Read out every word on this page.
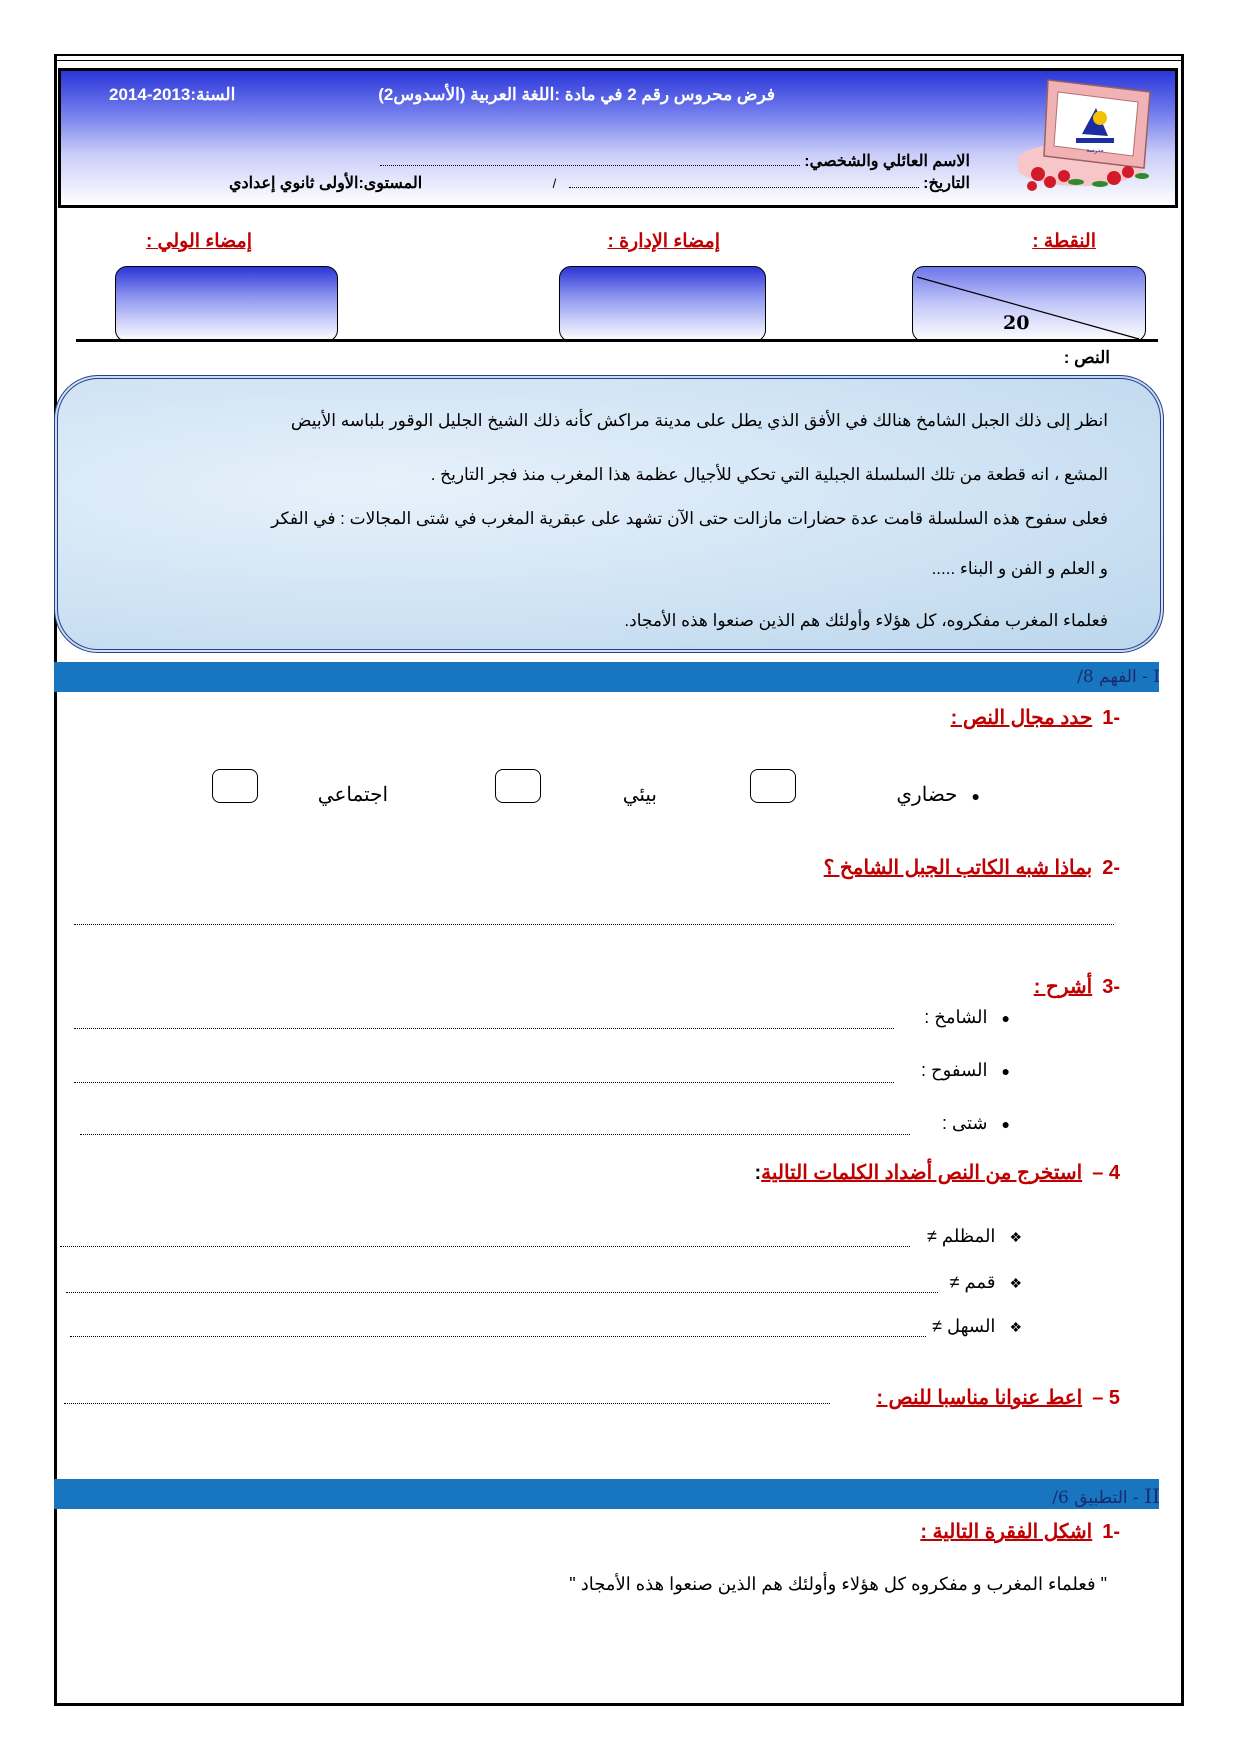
فرض محروس رقم 2 في مادة :اللغة العربية (الأسدوس2)
السنة:2013-2014
الاسم العائلي والشخصي:
التاريخ:  /
المستوى:الأولى ثانوي إعدادي
مدرسة
النقطة :
إمضاء الإدارة :
إمضاء الولي :
20
النص :
انظر إلى ذلك الجبل الشامخ هنالك في الأفق الذي يطل على مدينة مراكش كأنه ذلك الشيخ الجليل الوقور بلباسه الأبيض
المشع ، انه قطعة من تلك السلسلة الجبلية التي تحكي للأجيال عظمة هذا المغرب منذ فجر التاريخ .
فعلى سفوح هذه السلسلة قامت عدة حضارات مازالت حتى الآن تشهد على عبقرية المغرب في شتى المجالات : في الفكر
و العلم و الفن و البناء .....
فعلماء المغرب مفكروه، كل هؤلاء وأولئك هم الذين صنعوا هذه الأمجاد.
I - الفهم 8/
-1حدد مجال النص :
●حضاري
بيئي
اجتماعي
-2بماذا شبه الكاتب الجبل الشامخ ؟
-3أشرح :
●الشامخ :
●السفوح :
●شتى :
4 –استخرج من النص أضداد الكلمات التالية:
❖المظلم ≠
❖قمم ≠
❖السهل ≠
5 –اعط عنوانا مناسبا للنص :
II - التطبيق 6/
-1اشكل الفقرة التالية :
" فعلماء المغرب و مفكروه كل هؤلاء وأولئك هم الذين صنعوا هذه الأمجاد "
